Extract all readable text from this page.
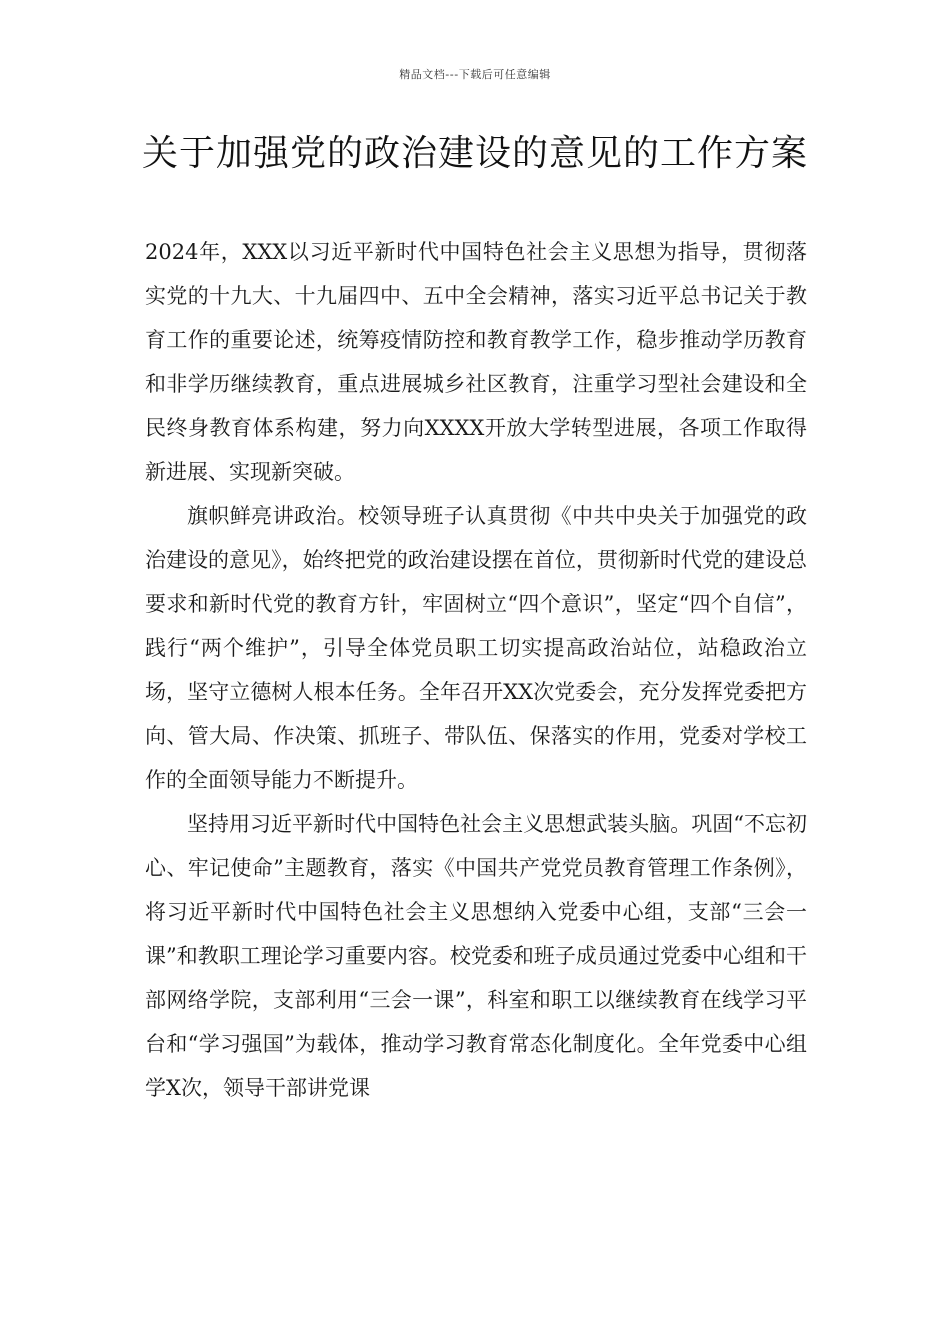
精品文档---下载后可任意编辑
关于加强党的政治建设的意见的工作方案

2024年，XXX以习近平新时代中国特色社会主义思想为指导，贯彻落实党的十九大、十九届四中、五中全会精神，落实习近平总书记关于教育工作的重要论述，统筹疫情防控和教育教学工作，稳步推动学历教育和非学历继续教育，重点进展城乡社区教育，注重学习型社会建设和全民终身教育体系构建，努力向XXXX开放大学转型进展，各项工作取得新进展、实现新突破。

旗帜鲜亮讲政治。校领导班子认真贯彻《中共中央关于加强党的政治建设的意见》，始终把党的政治建设摆在首位，贯彻新时代党的建设总要求和新时代党的教育方针，牢固树立“四个意识”，坚定“四个自信”，践行“两个维护”，引导全体党员职工切实提高政治站位，站稳政治立场，坚守立德树人根本任务。全年召开XX次党委会，充分发挥党委把方向、管大局、作决策、抓班子、带队伍、保落实的作用，党委对学校工作的全面领导能力不断提升。

坚持用习近平新时代中国特色社会主义思想武装头脑。巩固“不忘初心、牢记使命”主题教育，落实《中国共产党党员教育管理工作条例》，将习近平新时代中国特色社会主义思想纳入党委中心组，支部“三会一课”和教职工理论学习重要内容。校党委和班子成员通过党委中心组和干部网络学院，支部利用“三会一课”，科室和职工以继续教育在线学习平台和“学习强国”为载体，推动学习教育常态化制度化。全年党委中心组学X次，领导干部讲党课
